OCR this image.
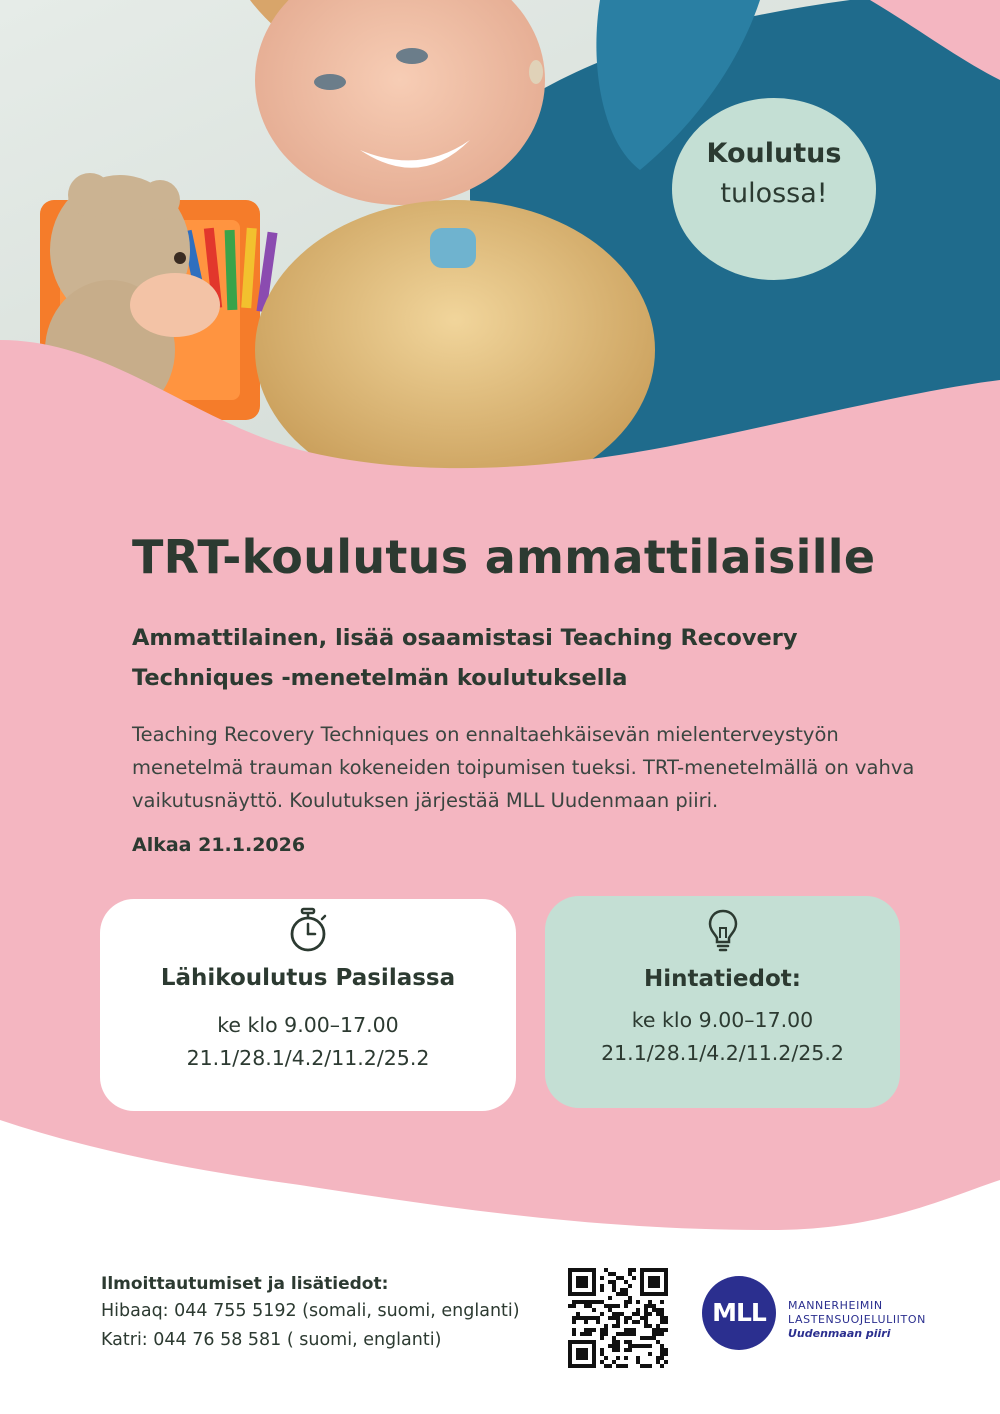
Koulutus
tulossa!
TRT-koulutus ammattilaisille
Ammattilainen, lisää osaamistasi Teaching Recovery Techniques -menetelmän koulutuksella
Teaching Recovery Techniques on ennaltaehkäisevän mielenterveystyön menetelmä trauman kokeneiden toipumisen tueksi. TRT-menetelmällä on vahva vaikutusnäyttö. Koulutuksen järjestää MLL Uudenmaan piiri.
Alkaa 21.1.2026
Lähikoulutus Pasilassa
ke klo 9.00–17.00
21.1/28.1/4.2/11.2/25.2
Hintatiedot:
ke klo 9.00–17.00
21.1/28.1/4.2/11.2/25.2
Ilmoittautumiset ja lisätiedot:
Hibaaq: 044 755 5192 (somali, suomi, englanti)
Katri: 044 76 58 581 ( suomi, englanti)
MLL	MANNERHEIMIN
LASTENSUOJELULIITON
Uudenmaan piiri
